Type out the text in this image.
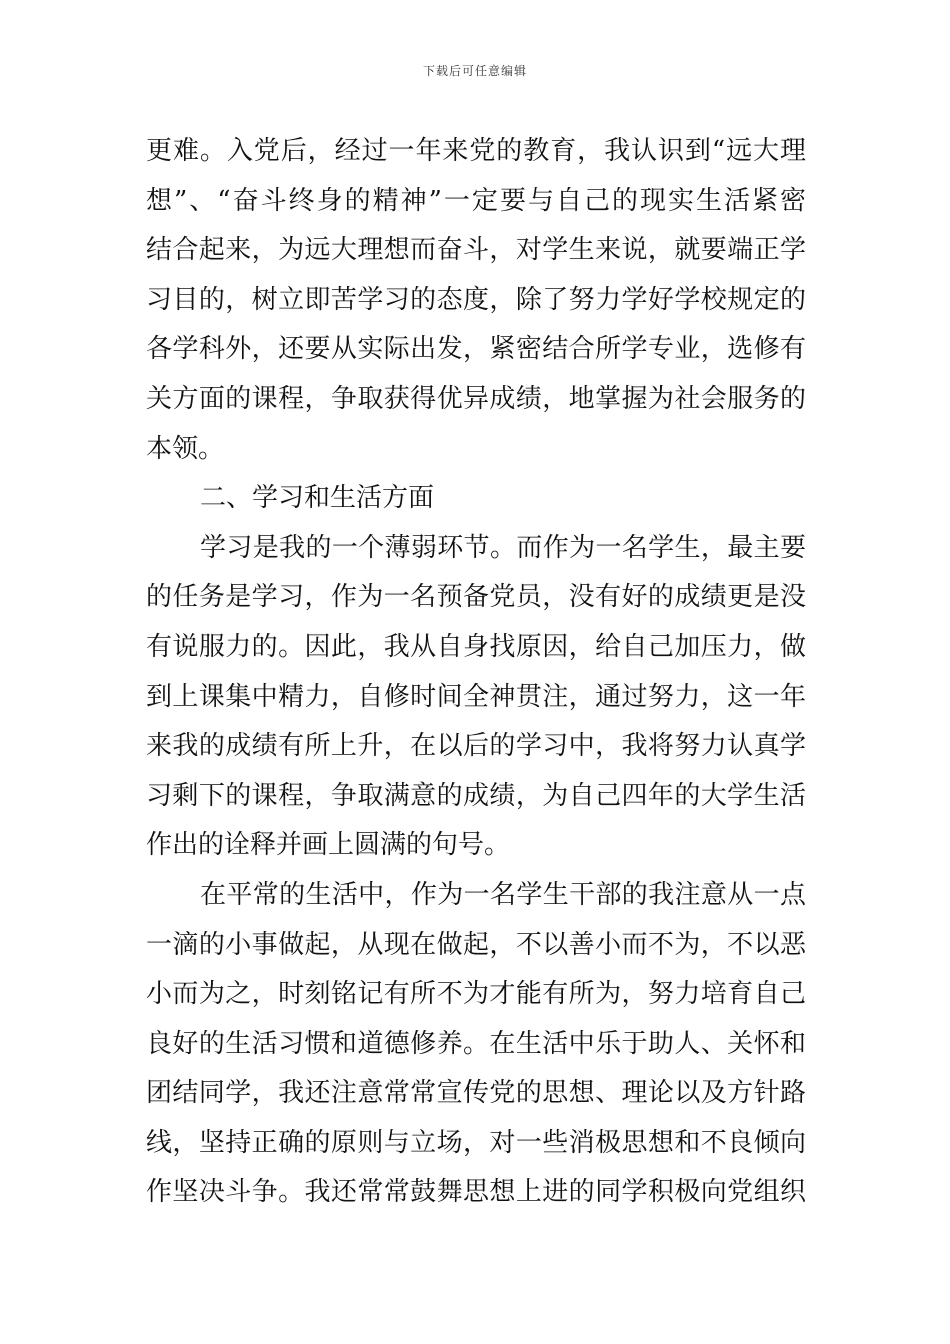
下载后可任意编辑
更难。入党后，经过一年来党的教育，我认识到“远大理
想”、“奋斗终身的精神”一定要与自己的现实生活紧密
结合起来，为远大理想而奋斗，对学生来说，就要端正学
习目的，树立即苦学习的态度，除了努力学好学校规定的
各学科外，还要从实际出发，紧密结合所学专业，选修有
关方面的课程，争取获得优异成绩，地掌握为社会服务的
本领。
二、学习和生活方面
学习是我的一个薄弱环节。而作为一名学生，最主要
的任务是学习，作为一名预备党员，没有好的成绩更是没
有说服力的。因此，我从自身找原因，给自己加压力，做
到上课集中精力，自修时间全神贯注，通过努力，这一年
来我的成绩有所上升，在以后的学习中，我将努力认真学
习剩下的课程，争取满意的成绩，为自己四年的大学生活
作出的诠释并画上圆满的句号。
在平常的生活中，作为一名学生干部的我注意从一点
一滴的小事做起，从现在做起，不以善小而不为，不以恶
小而为之，时刻铭记有所不为才能有所为，努力培育自己
良好的生活习惯和道德修养。在生活中乐于助人、关怀和
团结同学，我还注意常常宣传党的思想、理论以及方针路
线，坚持正确的原则与立场，对一些消极思想和不良倾向
作坚决斗争。我还常常鼓舞思想上进的同学积极向党组织
